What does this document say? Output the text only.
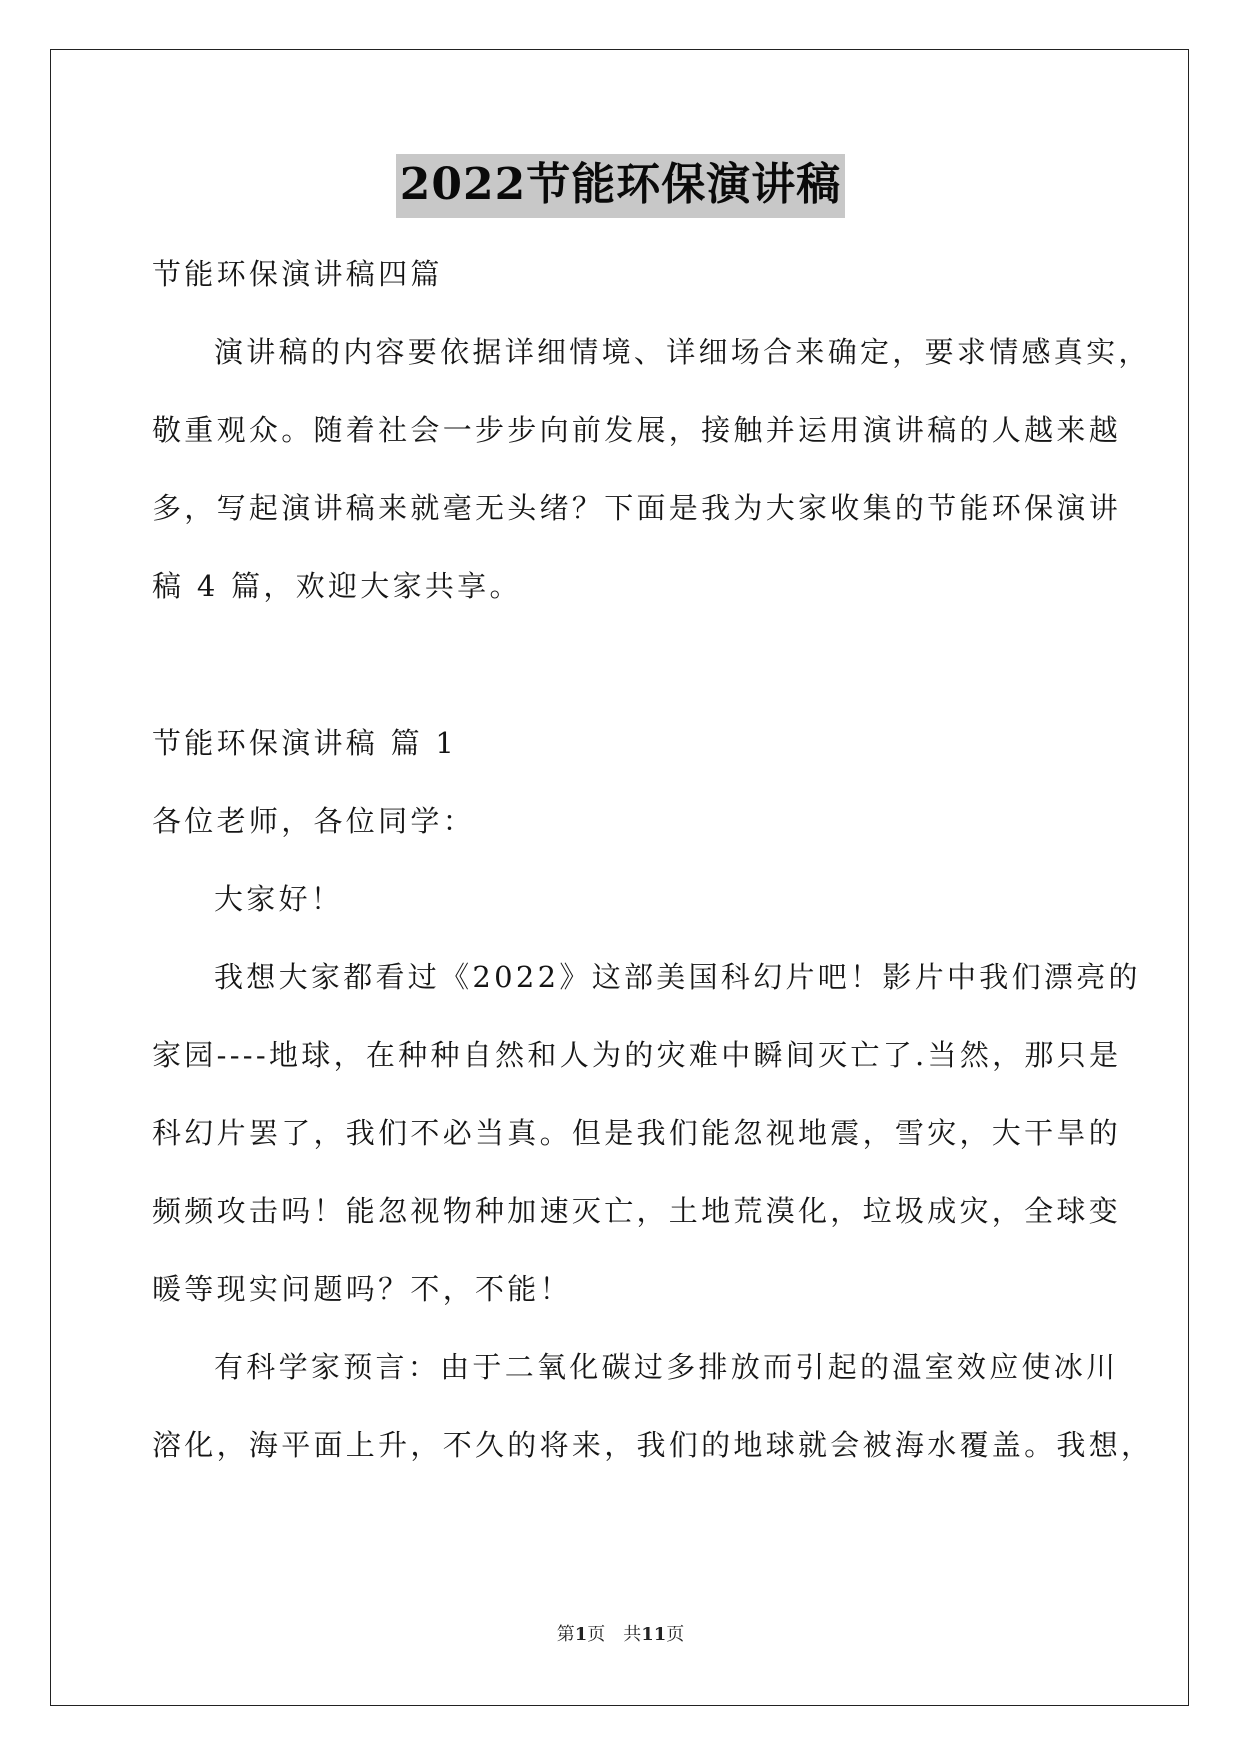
2022节能环保演讲稿
节能环保演讲稿四篇
演讲稿的内容要依据详细情境、详细场合来确定，要求情感真实，
敬重观众。随着社会一步步向前发展，接触并运用演讲稿的人越来越
多，写起演讲稿来就毫无头绪？下面是我为大家收集的节能环保演讲
稿 4 篇，欢迎大家共享。
节能环保演讲稿 篇 1
各位老师，各位同学：
大家好！
我想大家都看过《2022》这部美国科幻片吧！影片中我们漂亮的
家园----地球，在种种自然和人为的灾难中瞬间灭亡了.当然，那只是
科幻片罢了，我们不必当真。但是我们能忽视地震，雪灾，大干旱的
频频攻击吗！能忽视物种加速灭亡，土地荒漠化，垃圾成灾，全球变
暖等现实问题吗？不，不能！
有科学家预言：由于二氧化碳过多排放而引起的温室效应使冰川
溶化，海平面上升，不久的将来，我们的地球就会被海水覆盖。我想，
第1页　共11页
